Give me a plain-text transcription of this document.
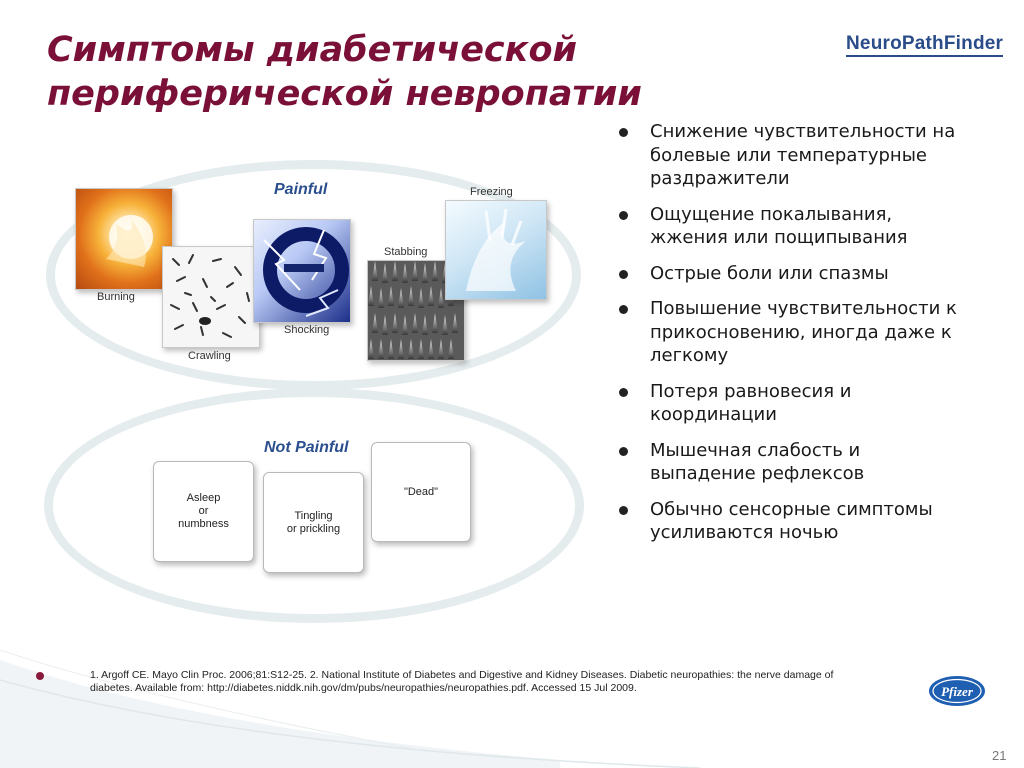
Симптомы диабетической периферической невропатии
NeuroPathFinder
Painful
Not Painful
Burning
Crawling
Shocking
Stabbing
Freezing
Asleep
or
numbness
Tingling
or prickling
"Dead"
Снижение чувствительности на болевые или температурные раздражители
Ощущение покалывания, жжения или пощипывания
Острые боли или спазмы
Повышение чувствительности к прикосновению, иногда даже к легкому
Потеря равновесия и координации
Мышечная слабость и выпадение рефлексов
Обычно сенсорные симптомы усиливаются ночью
1. Argoff CE. Mayo Clin Proc. 2006;81:S12-25. 2. National Institute of Diabetes and Digestive and Kidney Diseases. Diabetic neuropathies: the nerve damage of diabetes. Available from: http://diabetes.niddk.nih.gov/dm/pubs/neuropathies/neuropathies.pdf. Accessed 15 Jul 2009.	Pfizer
21
